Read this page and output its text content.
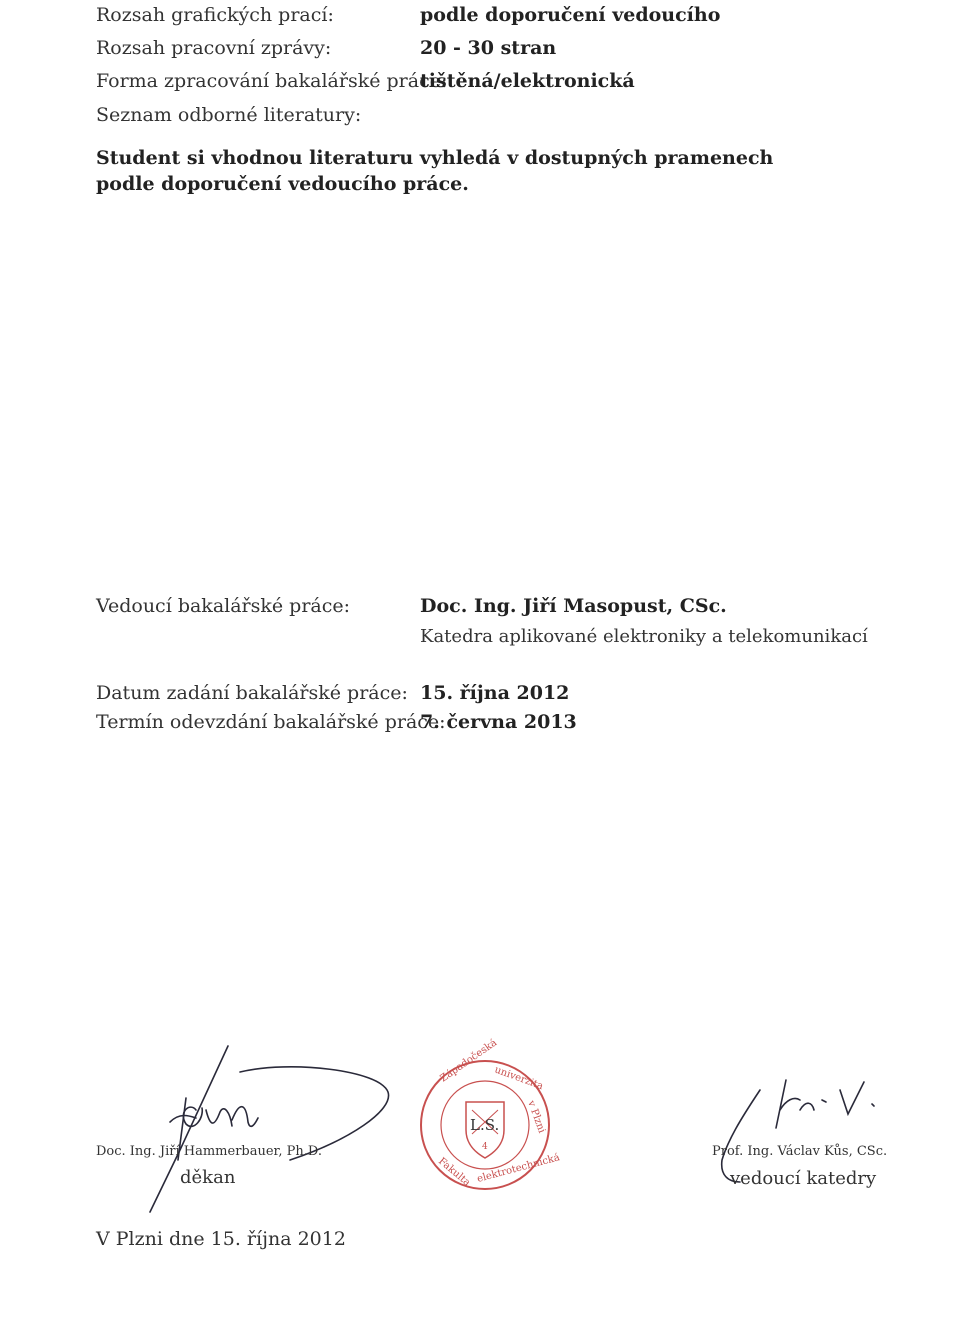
Rozsah grafických prací:	podle doporučení vedoucího
Rozsah pracovní zprávy:	20 - 30 stran
Forma zpracování bakalářské práce:
tištěná/elektronická
Seznam odborné literatury:
Student si vhodnou literaturu vyhledá v dostupných pramenech podle doporučení vedoucího práce.
Vedoucí bakalářské práce:	Doc. Ing. Jiří Masopust, CSc.
Katedra aplikované elektroniky a telekomunikací
Datum zadání bakalářské práce: 15. října 2012
Termín odevzdání bakalářské práce:
7. června 2013
Doc. Ing. Jiří Hammerbauer, Ph.D.
děkan
Západočeská
univerzita
v Plzni
Fakulta elektrotechnická
L.S.
4	Prof. Ing. Václav Kůs, CSc.
vedoucí katedry
V Plzni dne 15. října 2012
